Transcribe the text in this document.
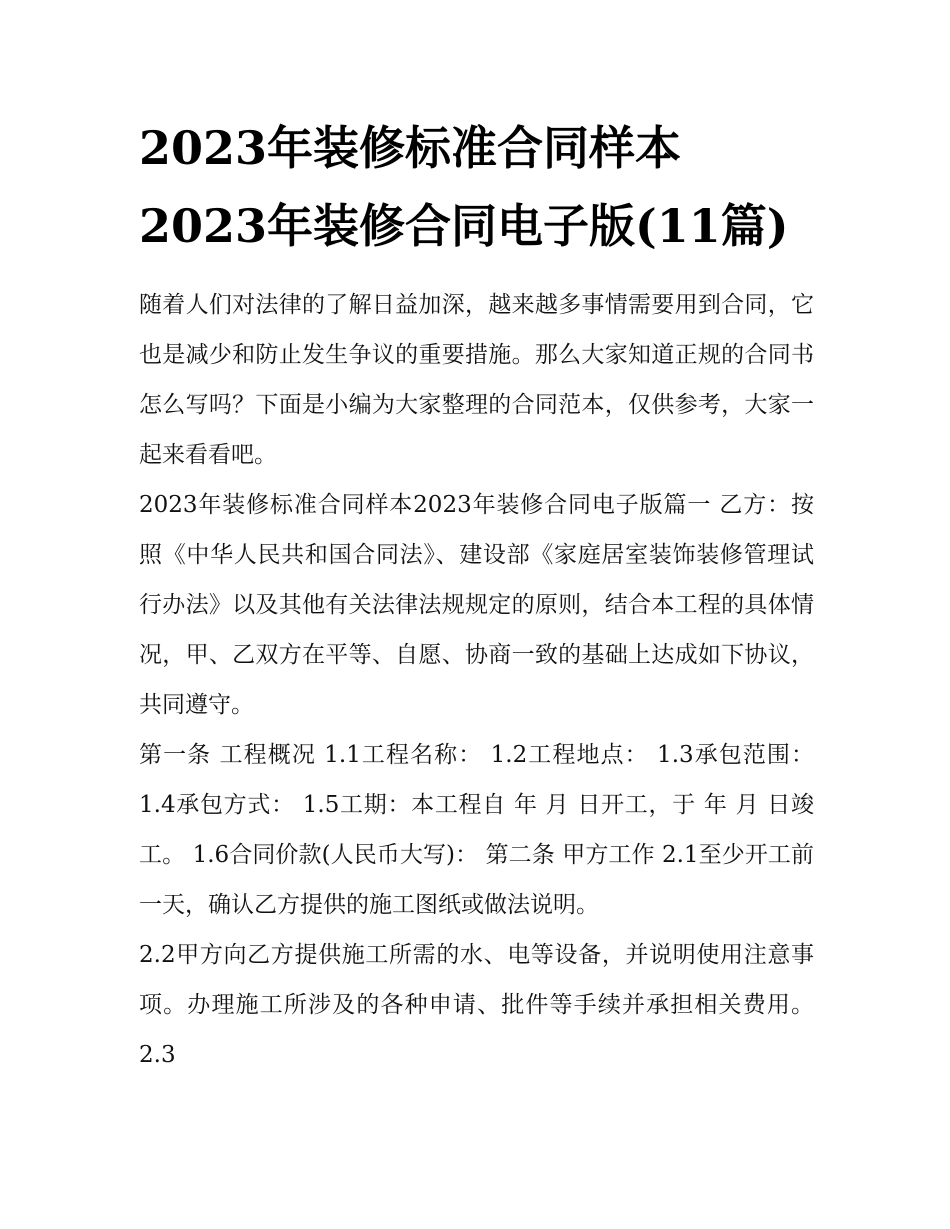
2023年装修标准合同样本
2023年装修合同电子版(11篇)

随着人们对法律的了解日益加深，越来越多事情需要用到合同，它也是减少和防止发生争议的重要措施。那么大家知道正规的合同书怎么写吗？下面是小编为大家整理的合同范本，仅供参考，大家一起来看看吧。

2023年装修标准合同样本2023年装修合同电子版篇一 乙方：按照《中华人民共和国合同法》、建设部《家庭居室装饰装修管理试行办法》以及其他有关法律法规规定的原则，结合本工程的具体情况，甲、乙双方在平等、自愿、协商一致的基础上达成如下协议，共同遵守。

第一条 工程概况 1.1工程名称： 1.2工程地点： 1.3承包范围： 1.4承包方式： 1.5工期：本工程自 年 月 日开工，于 年 月 日竣工。 1.6合同价款(人民币大写)： 第二条 甲方工作 2.1至少开工前一天，确认乙方提供的施工图纸或做法说明。

2.2甲方向乙方提供施工所需的水、电等设备，并说明使用注意事项。办理施工所涉及的各种申请、批件等手续并承担相关费用。 2.3
